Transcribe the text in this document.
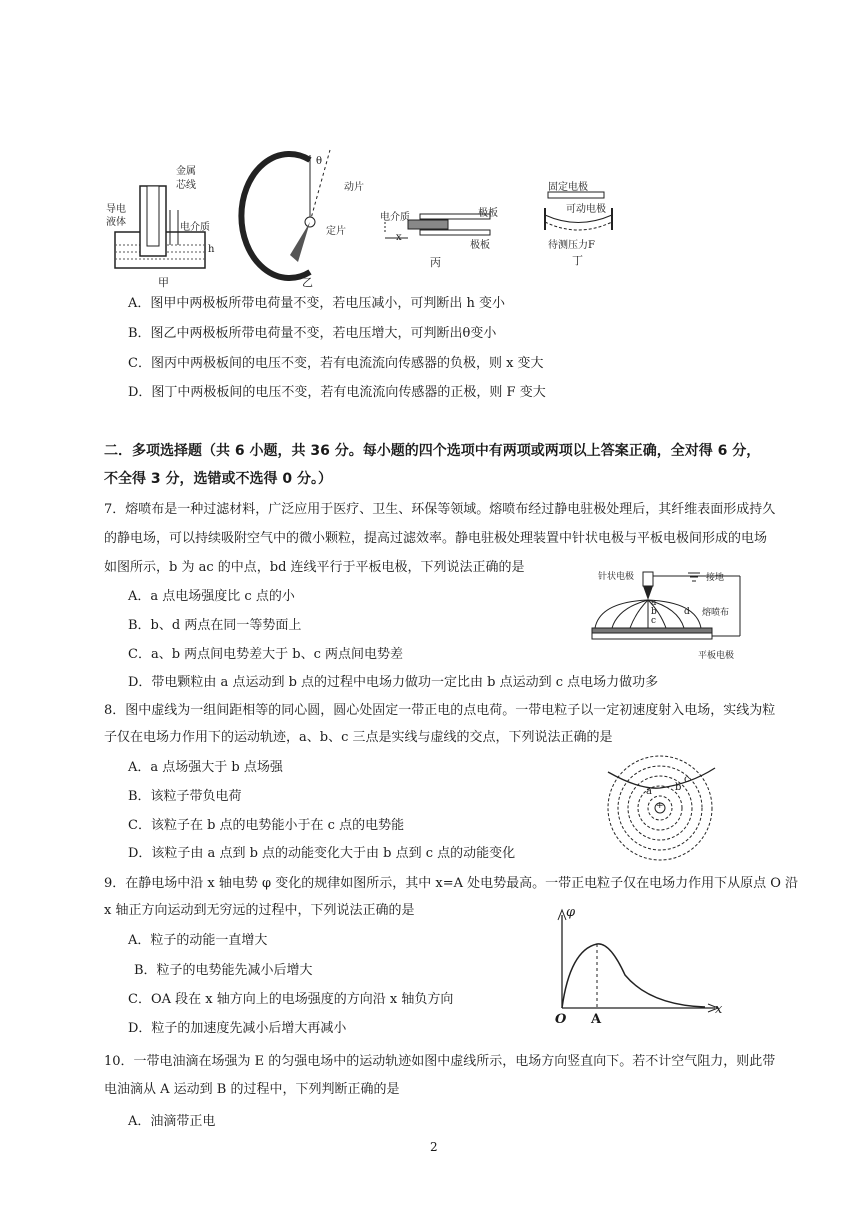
金属
芯线
导电
液体	电介质
h
甲
θ
动片
定片
乙
电介质	极板
极板
x
丙
固定电极
可动电极
待测压力F
丁
A．图甲中两极板所带电荷量不变，若电压减小，可判断出 h 变小
B．图乙中两极板所带电荷量不变，若电压增大，可判断出θ变小
C．图丙中两极板间的电压不变，若有电流流向传感器的负极，则 x 变大
D．图丁中两极板间的电压不变，若有电流流向传感器的正极，则 F 变大
二．多项选择题（共 6 小题，共 36 分。每小题的四个选项中有两项或两项以上答案正确，全对得 6 分，
不全得 3 分，选错或不选得 0 分。）
7．熔喷布是一种过滤材料，广泛应用于医疗、卫生、环保等领域。熔喷布经过静电驻极处理后，其纤维表面形成持久
的静电场，可以持续吸附空气中的微小颗粒，提高过滤效率。静电驻极处理装置中针状电极与平板电极间形成的电场
如图所示，b 为 ac 的中点，bd 连线平行于平板电极，下列说法正确的是
A．a 点电场强度比 c 点的小
B．b、d 两点在同一等势面上
C．a、b 两点间电势差大于 b、c 两点间电势差
D．带电颗粒由 a 点运动到 b 点的过程中电场力做功一定比由 b 点运动到 c 点电场力做功多
针状电极	接地
熔喷布
平板电极
a
b
c
d
8．图中虚线为一组间距相等的同心圆，圆心处固定一带正电的点电荷。一带电粒子以一定初速度射入电场，实线为粒
子仅在电场力作用下的运动轨迹，a、b、c 三点是实线与虚线的交点，下列说法正确的是
A．a 点场强大于 b 点场强
B．该粒子带负电荷
C．该粒子在 b 点的电势能小于在 c 点的电势能
D．该粒子由 a 点到 b 点的动能变化大于由 b 点到 c 点的动能变化
+
a b
c
9．在静电场中沿 x 轴电势 φ 变化的规律如图所示，其中 x=A 处电势最高。一带正电粒子仅在电场力作用下从原点 O 沿
x 轴正方向运动到无穷远的过程中，下列说法正确的是
A．粒子的动能一直增大
B．粒子的电势能先减小后增大
C．OA 段在 x 轴方向上的电场强度的方向沿 x 轴负方向
D．粒子的加速度先减小后增大再减小
φ
x
O A
10．一带电油滴在场强为 E 的匀强电场中的运动轨迹如图中虚线所示，电场方向竖直向下。若不计空气阻力，则此带
电油滴从 A 运动到 B 的过程中，下列判断正确的是
A．油滴带正电
2
